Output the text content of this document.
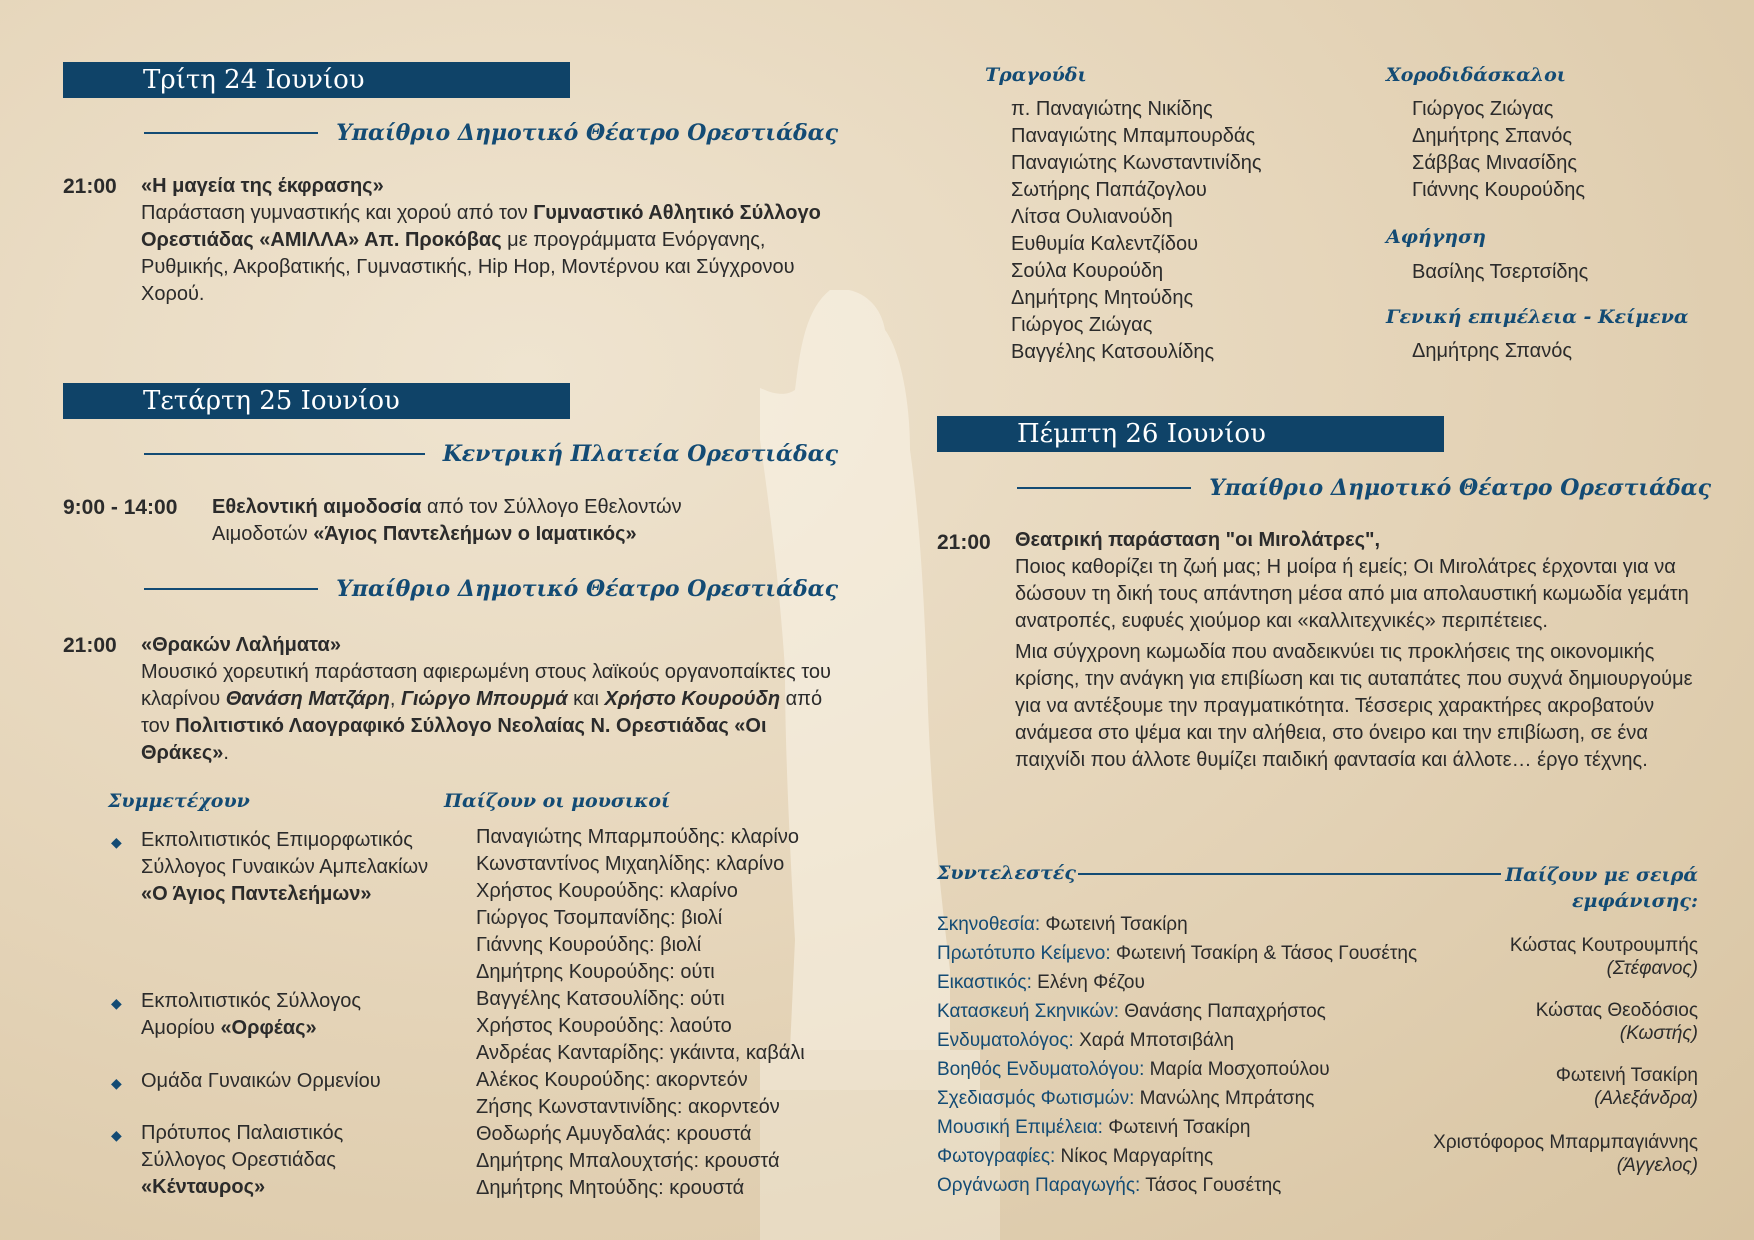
Τρίτη 24 Ιουνίου
Υπαίθριο Δημοτικό Θέατρο Ορεστιάδας
21:00 «Η μαγεία της έκφρασης»
Παράσταση γυμναστικής και χορού από τον Γυμναστικό Αθλητικό Σύλλογο Ορεστιάδας «ΑΜΙΛΛΑ» Απ. Προκόβας με προγράμματα Ενόργανης, Ρυθμικής, Ακροβατικής, Γυμναστικής, Hip Hop, Μοντέρνου και Σύγχρονου Χορού.
Τετάρτη 25 Ιουνίου
Κεντρική Πλατεία Ορεστιάδας
9:00 - 14:00 Εθελοντική αιμοδοσία από τον Σύλλογο Εθελοντών Αιμοδοτών «Άγιος Παντελεήμων ο Ιαματικός»
Υπαίθριο Δημοτικό Θέατρο Ορεστιάδας
21:00 «Θρακών Λαλήματα»
Μουσικό χορευτική παράσταση αφιερωμένη στους λαϊκούς οργανοπαίκτες του κλαρίνου Θανάση Ματζάρη, Γιώργο Μπουρμά και Χρήστο Κουρούδη από τον Πολιτιστικό Λαογραφικό Σύλλογο Νεολαίας Ν. Ορεστιάδας «Οι Θράκες».
Συμμετέχουν
◆ Εκπολιτιστικός Επιμορφωτικός Σύλλογος Γυναικών Αμπελακίων «Ο Άγιος Παντελεήμων»
◆ Εκπολιτιστικός Σύλλογος Αμορίου «Ορφέας»
◆ Ομάδα Γυναικών Ορμενίου
◆ Πρότυπος Παλαιστικός Σύλλογος Ορεστιάδας «Κένταυρος»
Παίζουν οι μουσικοί
Παναγιώτης Μπαρμπούδης: κλαρίνο
Κωνσταντίνος Μιχαηλίδης: κλαρίνο
Χρήστος Κουρούδης: κλαρίνο
Γιώργος Τσομπανίδης: βιολί
Γιάννης Κουρούδης: βιολί
Δημήτρης Κουρούδης: ούτι
Βαγγέλης Κατσουλίδης: ούτι
Χρήστος Κουρούδης: λαούτο
Ανδρέας Κανταρίδης: γκάιντα, καβάλι
Αλέκος Κουρούδης: ακορντεόν
Ζήσης Κωνσταντινίδης: ακορντεόν
Θοδωρής Αμυγδαλάς: κρουστά
Δημήτρης Μπαλουχτσής: κρουστά
Δημήτρης Μητούδης: κρουστά
Τραγούδι
π. Παναγιώτης Νικίδης
Παναγιώτης Μπαμπουρδάς
Παναγιώτης Κωνσταντινίδης
Σωτήρης Παπάζογλου
Λίτσα Ουλιανούδη
Ευθυμία Καλεντζίδου
Σούλα Κουρούδη
Δημήτρης Μητούδης
Γιώργος Ζιώγας
Βαγγέλης Κατσουλίδης
Χοροδιδάσκαλοι
Γιώργος Ζιώγας
Δημήτρης Σπανός
Σάββας Μινασίδης
Γιάννης Κουρούδης
Αφήγηση
Βασίλης Τσερτσίδης
Γενική επιμέλεια - Κείμενα
Δημήτρης Σπανός
Πέμπτη 26 Ιουνίου
Υπαίθριο Δημοτικό Θέατρο Ορεστιάδας
21:00 Θεατρική παράσταση "οι Μιrολάτρες",
Ποιος καθορίζει τη ζωή μας; Η μοίρα ή εμείς; Οι Μιrολάτρες έρχονται για να δώσουν τη δική τους απάντηση μέσα από μια απολαυστική κωμωδία γεμάτη ανατροπές, ευφυές χιούμορ και «καλλιτεχνικές» περιπέτειες.
Μια σύγχρονη κωμωδία που αναδεικνύει τις προκλήσεις της οικονομικής κρίσης, την ανάγκη για επιβίωση και τις αυταπάτες που συχνά δημιουργούμε για να αντέξουμε την πραγματικότητα. Τέσσερις χαρακτήρες ακροβατούν ανάμεσα στο ψέμα και την αλήθεια, στο όνειρο και την επιβίωση, σε ένα παιχνίδι που άλλοτε θυμίζει παιδική φαντασία και άλλοτε… έργο τέχνης.
Συντελεστές
Σκηνοθεσία: Φωτεινή Τσακίρη
Πρωτότυπο Κείμενο: Φωτεινή Τσακίρη & Τάσος Γουσέτης
Εικαστικός: Ελένη Φέζου
Κατασκευή Σκηνικών: Θανάσης Παπαχρήστος
Ενδυματολόγος: Χαρά Μποτσιβάλη
Βοηθός Ενδυματολόγου: Μαρία Μοσχοπούλου
Σχεδιασμός Φωτισμών: Μανώλης Μπράτσης
Μουσική Επιμέλεια: Φωτεινή Τσακίρη
Φωτογραφίες: Νίκος Μαργαρίτης
Οργάνωση Παραγωγής: Τάσος Γουσέτης
Παίζουν με σειρά
εμφάνισης:
Κώστας Κουτρουμπής
(Στέφανος)
Κώστας Θεοδόσιος
(Κωστής)
Φωτεινή Τσακίρη
(Αλεξάνδρα)
Χριστόφορος Μπαρμπαγιάννης
(Άγγελος)
